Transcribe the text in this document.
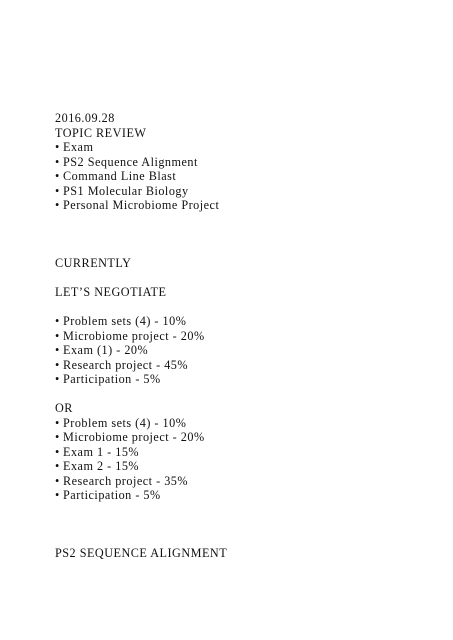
2016.09.28
TOPIC REVIEW
• Exam
• PS2 Sequence Alignment
• Command Line Blast
• PS1 Molecular Biology
• Personal Microbiome Project
CURRENTLY
LET’S NEGOTIATE
• Problem sets (4) - 10%
• Microbiome project - 20%
• Exam (1) - 20%
• Research project - 45%
• Participation - 5%
OR
• Problem sets (4) - 10%
• Microbiome project - 20%
• Exam 1 - 15%
• Exam 2 - 15%
• Research project - 35%
• Participation - 5%
PS2 SEQUENCE ALIGNMENT
